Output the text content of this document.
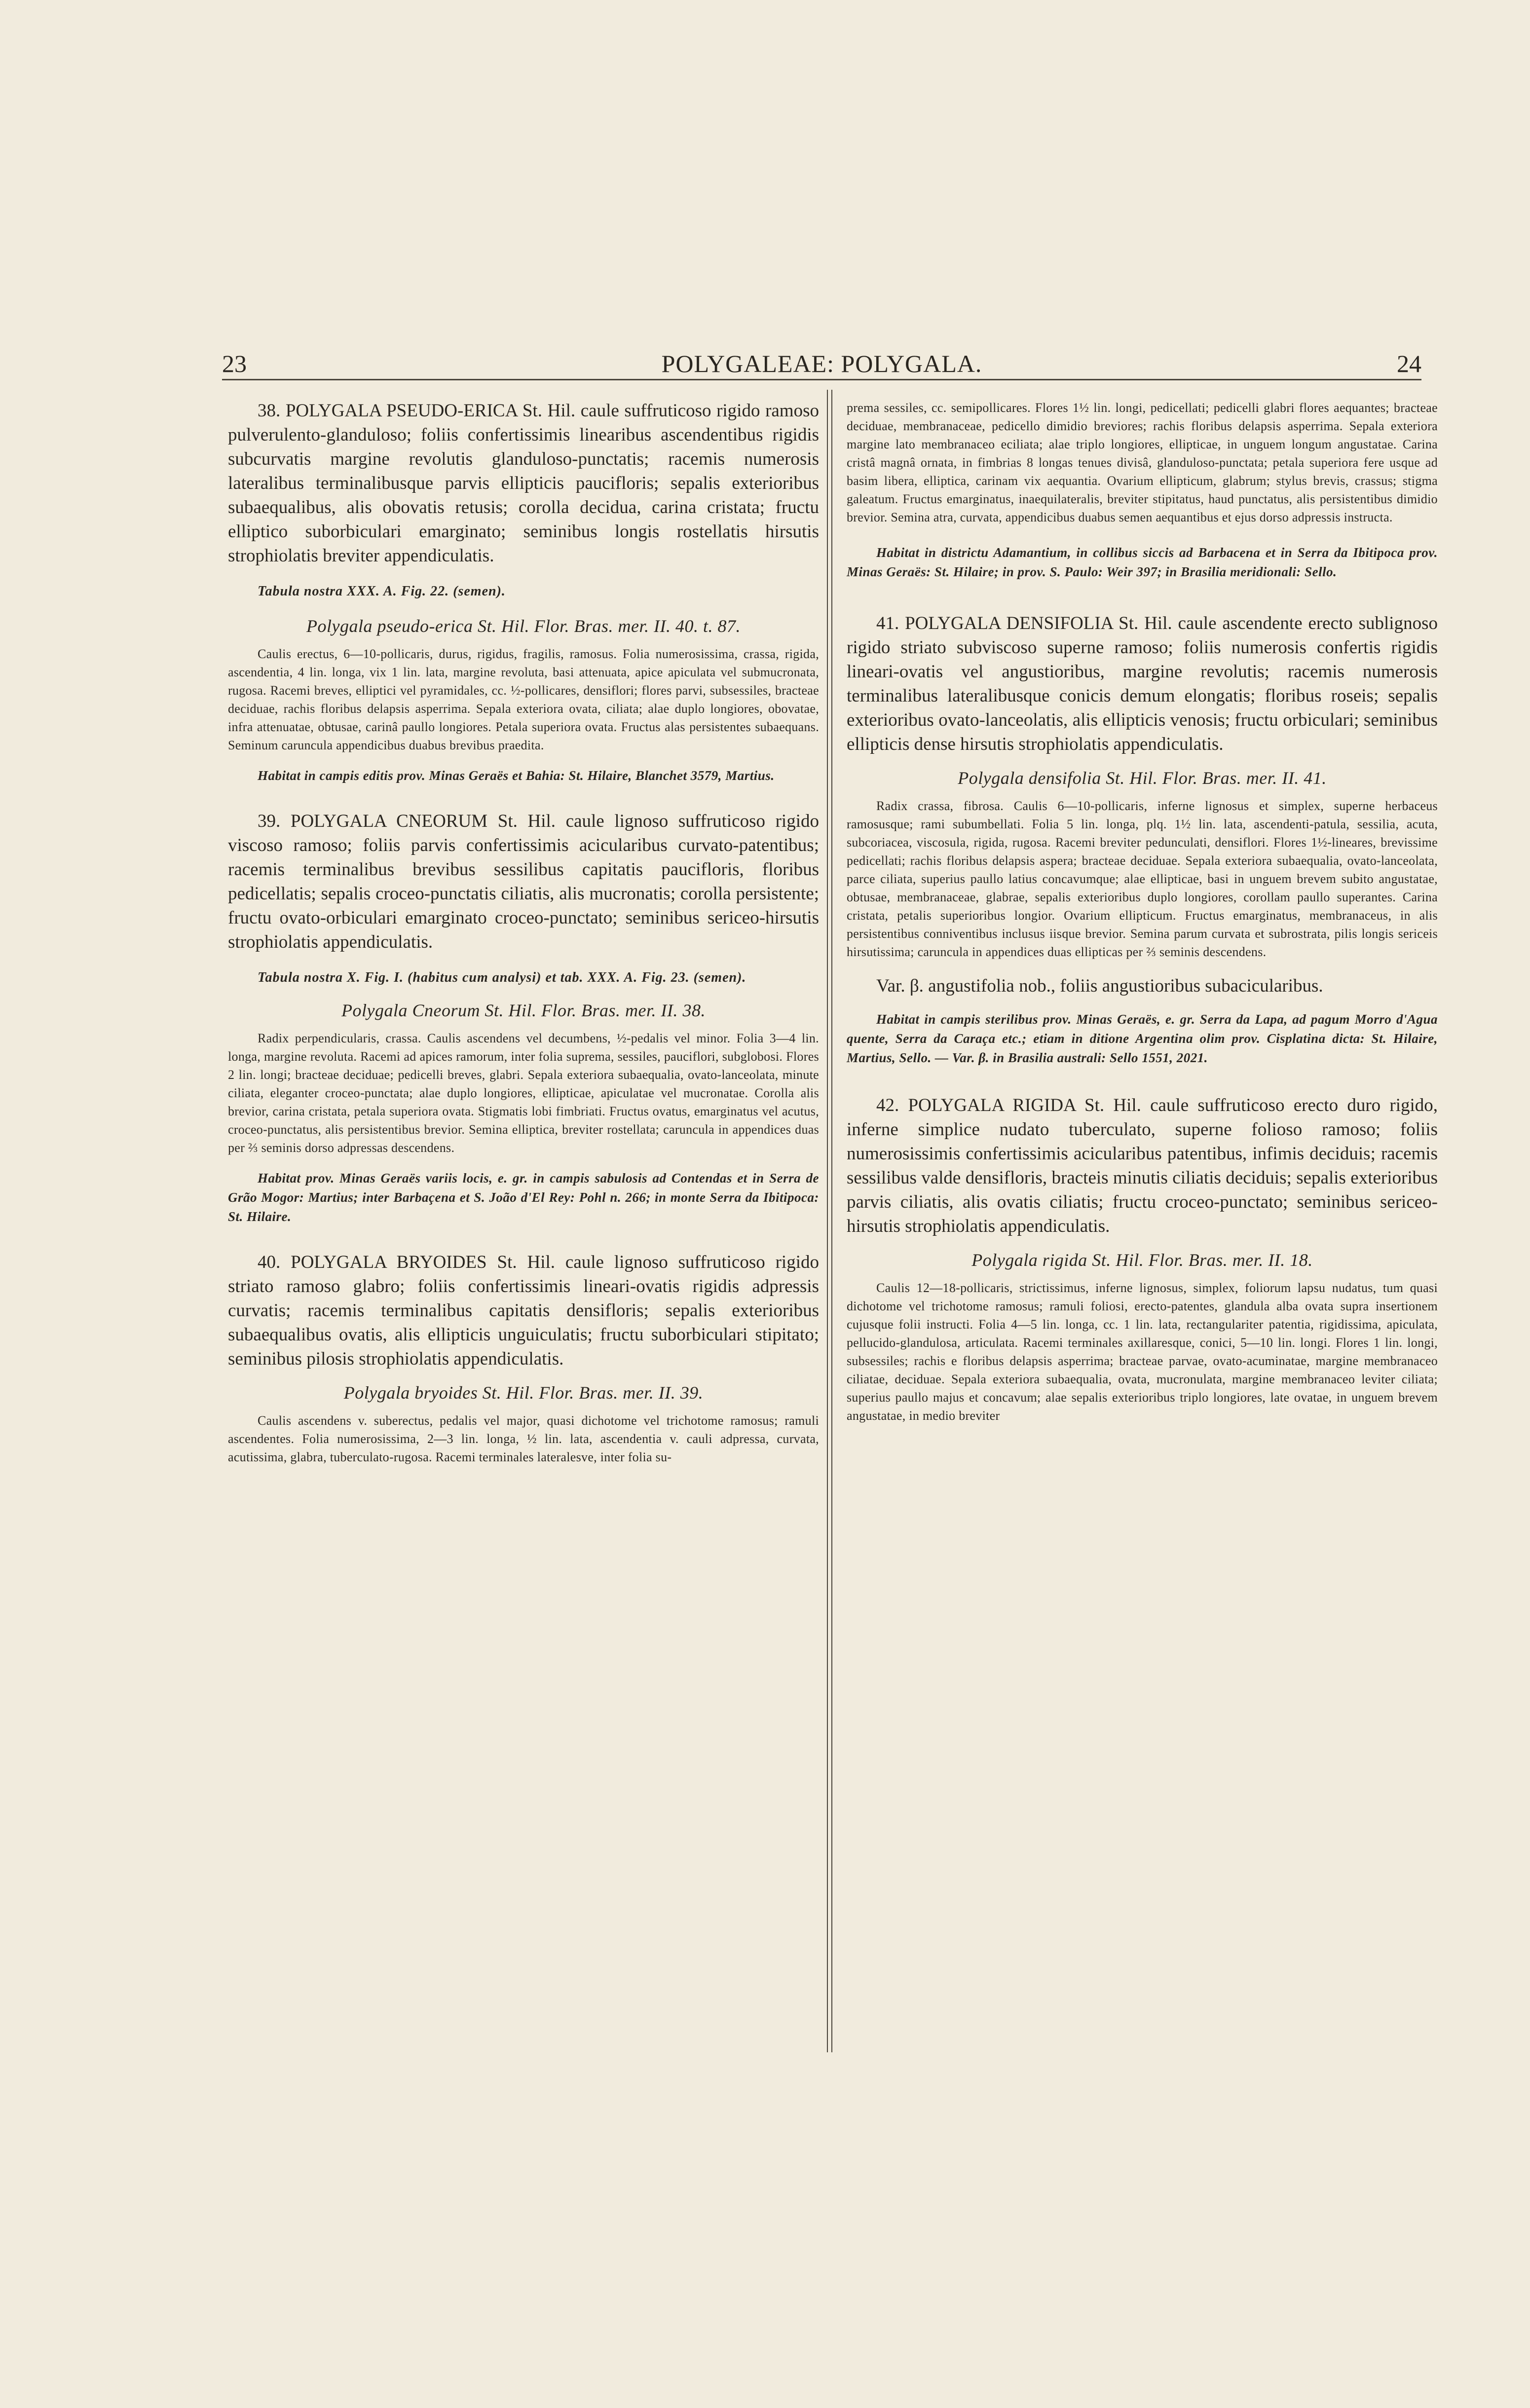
23	POLYGALEAE: POLYGALA.	24

38. POLYGALA PSEUDO-ERICA St. Hil. caule suffruticoso rigido ramoso pulverulento-glanduloso; foliis confertissimis linearibus ascendentibus rigidis subcurvatis margine revolutis glanduloso-punctatis; racemis numerosis lateralibus terminalibusque parvis ellipticis paucifloris; sepalis exterioribus subaequalibus, alis obovatis retusis; corolla decidua, carina cristata; fructu elliptico suborbiculari emarginato; seminibus longis rostellatis hirsutis strophiolatis breviter appendiculatis.

Tabula nostra XXX. A. Fig. 22. (semen).

Polygala pseudo-erica St. Hil. Flor. Bras. mer. II. 40. t. 87.

Caulis erectus, 6—10-pollicaris, durus, rigidus, fragilis, ramosus. Folia numerosissima, crassa, rigida, ascendentia, 4 lin. longa, vix 1 lin. lata, margine revoluta, basi attenuata, apice apiculata vel submucronata, rugosa. Racemi breves, elliptici vel pyramidales, cc. ½-pollicares, densiflori; flores parvi, subsessiles, bracteae deciduae, rachis floribus delapsis asperrima. Sepala exteriora ovata, ciliata; alae duplo longiores, obovatae, infra attenuatae, obtusae, carinâ paullo longiores. Petala superiora ovata. Fructus alas persistentes subaequans. Seminum caruncula appendicibus duabus brevibus praedita.

Habitat in campis editis prov. Minas Geraës et Bahia: St. Hilaire, Blanchet 3579, Martius.

39. POLYGALA CNEORUM St. Hil. caule lignoso suffruticoso rigido viscoso ramoso; foliis parvis confertissimis acicularibus curvato-patentibus; racemis terminalibus brevibus sessilibus capitatis paucifloris, floribus pedicellatis; sepalis croceo-punctatis ciliatis, alis mucronatis; corolla persistente; fructu ovato-orbiculari emarginato croceo-punctato; seminibus sericeo-hirsutis strophiolatis appendiculatis.

Tabula nostra X. Fig. I. (habitus cum analysi) et tab. XXX. A. Fig. 23. (semen).

Polygala Cneorum St. Hil. Flor. Bras. mer. II. 38.

Radix perpendicularis, crassa. Caulis ascendens vel decumbens, ½-pedalis vel minor. Folia 3—4 lin. longa, margine revoluta. Racemi ad apices ramorum, inter folia suprema, sessiles, pauciflori, subglobosi. Flores 2 lin. longi; bracteae deciduae; pedicelli breves, glabri. Sepala exteriora subaequalia, ovato-lanceolata, minute ciliata, eleganter croceo-punctata; alae duplo longiores, ellipticae, apiculatae vel mucronatae. Corolla alis brevior, carina cristata, petala superiora ovata. Stigmatis lobi fimbriati. Fructus ovatus, emarginatus vel acutus, croceo-punctatus, alis persistentibus brevior. Semina elliptica, breviter rostellata; caruncula in appendices duas per ⅔ seminis dorso adpressas descendens.

Habitat prov. Minas Geraës variis locis, e. gr. in campis sabulosis ad Contendas et in Serra de Grão Mogor: Martius; inter Barbaçena et S. João d'El Rey: Pohl n. 266; in monte Serra da Ibitipoca: St. Hilaire.

40. POLYGALA BRYOIDES St. Hil. caule lignoso suffruticoso rigido striato ramoso glabro; foliis confertissimis lineari-ovatis rigidis adpressis curvatis; racemis terminalibus capitatis densifloris; sepalis exterioribus subaequalibus ovatis, alis ellipticis unguiculatis; fructu suborbiculari stipitato; seminibus pilosis strophiolatis appendiculatis.

Polygala bryoides St. Hil. Flor. Bras. mer. II. 39.

Caulis ascendens v. suberectus, pedalis vel major, quasi dichotome vel trichotome ramosus; ramuli ascendentes. Folia numerosissima, 2—3 lin. longa, ½ lin. lata, ascendentia v. cauli adpressa, curvata, acutissima, glabra, tuberculato-rugosa. Racemi terminales lateralesve, inter folia su-

prema sessiles, cc. semipollicares. Flores 1½ lin. longi, pedicellati; pedicelli glabri flores aequantes; bracteae deciduae, membranaceae, pedicello dimidio breviores; rachis floribus delapsis asperrima. Sepala exteriora margine lato membranaceo eciliata; alae triplo longiores, ellipticae, in unguem longum angustatae. Carina cristâ magnâ ornata, in fimbrias 8 longas tenues divisâ, glanduloso-punctata; petala superiora fere usque ad basim libera, elliptica, carinam vix aequantia. Ovarium ellipticum, glabrum; stylus brevis, crassus; stigma galeatum. Fructus emarginatus, inaequilateralis, breviter stipitatus, haud punctatus, alis persistentibus dimidio brevior. Semina atra, curvata, appendicibus duabus semen aequantibus et ejus dorso adpressis instructa.

Habitat in districtu Adamantium, in collibus siccis ad Barbacena et in Serra da Ibitipoca prov. Minas Geraës: St. Hilaire; in prov. S. Paulo: Weir 397; in Brasilia meridionali: Sello.

41. POLYGALA DENSIFOLIA St. Hil. caule ascendente erecto sublignoso rigido striato subviscoso superne ramoso; foliis numerosis confertis rigidis lineari-ovatis vel angustioribus, margine revolutis; racemis numerosis terminalibus lateralibusque conicis demum elongatis; floribus roseis; sepalis exterioribus ovato-lanceolatis, alis ellipticis venosis; fructu orbiculari; seminibus ellipticis dense hirsutis strophiolatis appendiculatis.

Polygala densifolia St. Hil. Flor. Bras. mer. II. 41.

Radix crassa, fibrosa. Caulis 6—10-pollicaris, inferne lignosus et simplex, superne herbaceus ramosusque; rami subumbellati. Folia 5 lin. longa, plq. 1½ lin. lata, ascendenti-patula, sessilia, acuta, subcoriacea, viscosula, rigida, rugosa. Racemi breviter pedunculati, densiflori. Flores 1½-lineares, brevissime pedicellati; rachis floribus delapsis aspera; bracteae deciduae. Sepala exteriora subaequalia, ovato-lanceolata, parce ciliata, superius paullo latius concavumque; alae ellipticae, basi in unguem brevem subito angustatae, obtusae, membranaceae, glabrae, sepalis exterioribus duplo longiores, corollam paullo superantes. Carina cristata, petalis superioribus longior. Ovarium ellipticum. Fructus emarginatus, membranaceus, in alis persistentibus conniventibus inclusus iisque brevior. Semina parum curvata et subrostrata, pilis longis sericeis hirsutissima; caruncula in appendices duas ellipticas per ⅔ seminis descendens.

Var. β. angustifolia nob., foliis angustioribus subacicularibus.

Habitat in campis sterilibus prov. Minas Geraës, e. gr. Serra da Lapa, ad pagum Morro d'Agua quente, Serra da Caraça etc.; etiam in ditione Argentina olim prov. Cisplatina dicta: St. Hilaire, Martius, Sello. — Var. β. in Brasilia australi: Sello 1551, 2021.

42. POLYGALA RIGIDA St. Hil. caule suffruticoso erecto duro rigido, inferne simplice nudato tuberculato, superne folioso ramoso; foliis numerosissimis confertissimis acicularibus patentibus, infimis deciduis; racemis sessilibus valde densifloris, bracteis minutis ciliatis deciduis; sepalis exterioribus parvis ciliatis, alis ovatis ciliatis; fructu croceo-punctato; seminibus sericeo-hirsutis strophiolatis appendiculatis.

Polygala rigida St. Hil. Flor. Bras. mer. II. 18.

Caulis 12—18-pollicaris, strictissimus, inferne lignosus, simplex, foliorum lapsu nudatus, tum quasi dichotome vel trichotome ramosus; ramuli foliosi, erecto-patentes, glandula alba ovata supra insertionem cujusque folii instructi. Folia 4—5 lin. longa, cc. 1 lin. lata, rectangulariter patentia, rigidissima, apiculata, pellucido-glandulosa, articulata. Racemi terminales axillaresque, conici, 5—10 lin. longi. Flores 1 lin. longi, subsessiles; rachis e floribus delapsis asperrima; bracteae parvae, ovato-acuminatae, margine membranaceo ciliatae, deciduae. Sepala exteriora subaequalia, ovata, mucronulata, margine membranaceo leviter ciliata; superius paullo majus et concavum; alae sepalis exterioribus triplo longiores, late ovatae, in unguem brevem angustatae, in medio breviter
